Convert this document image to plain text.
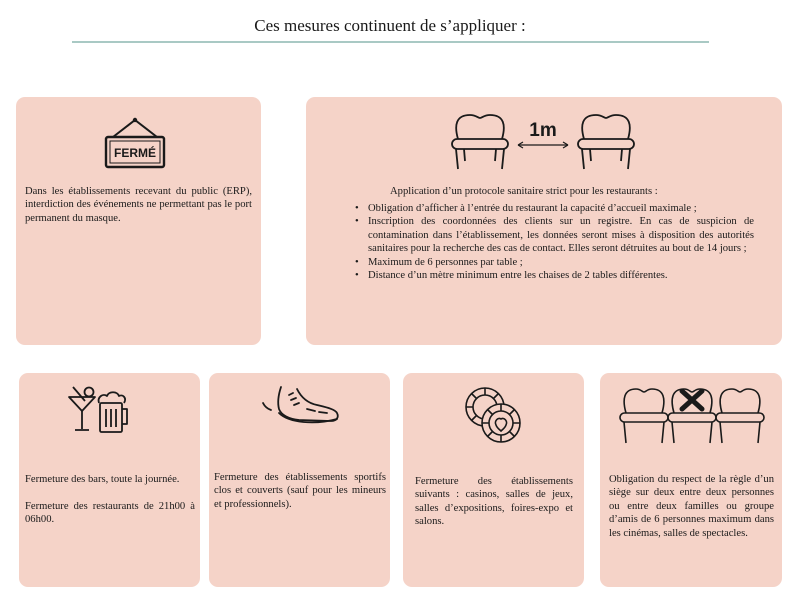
Ces mesures continuent de s’appliquer :
FERMÉ
Dans les établissements recevant du public (ERP), interdiction des événements ne permettant pas le port permanent du masque.
1m
Application d’un protocole sanitaire strict pour les restaurants :
• Obligation d’afficher à l’entrée du restaurant la capacité d’accueil maximale ;
• Inscription des coordonnées des clients sur un registre. En cas de suspicion de contamination dans l’établissement, les données seront mises à disposition des autorités sanitaires pour la recherche des cas de contact. Elles seront détruites au bout de 14 jours ;
• Maximum de 6 personnes par table ;
• Distance d’un mètre minimum entre les chaises de 2 tables différentes.
Fermeture des bars, toute la journée.
Fermeture des restaurants de 21h00 à 06h00.
Fermeture des établissements sportifs clos et couverts (sauf pour les mineurs et professionnels).
Fermeture des établissements suivants : casinos, salles de jeux, salles d’expositions, foires-expo et salons.
Obligation du respect de la règle d’un siège sur deux entre deux personnes ou entre deux familles ou groupe d’amis de 6 personnes maximum dans les cinémas, salles de spectacles.
